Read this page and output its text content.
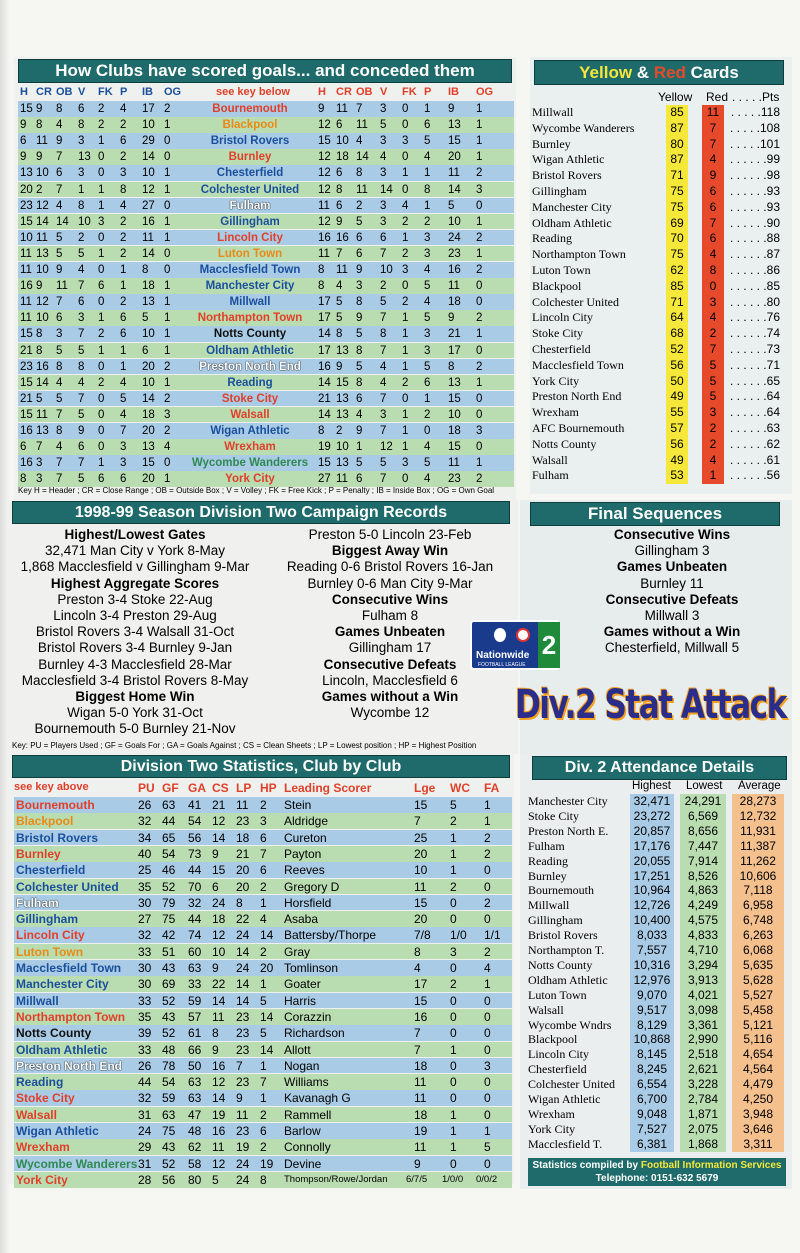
How Clubs have scored goals... and conceded them
H CR OB V FK P IB OG	see key below	H CR OB V FK P IB OG
15 9 8 6 2 4 17 2	Bournemouth	9 11 7 3 0 1 9 1
9 8 4 8 2 2 10 1	Blackpool	12 6 11 5 0 6 13 1
6 11 9 3 1 6 29 0	Bristol Rovers	15 10 4 3 3 5 15 1
9 9 7 13 0 2 14 0	Burnley	12 18 14 4 0 4 20 1
13 10 6 3 0 3 10 1	Chesterfield	12 6 8 3 1 1 11 2
20 2 7 1 1 8 12 1	Colchester United	12 8 11 14 0 8 14 3
23 12 4 8 1 4 27 0	Fulham	11 6 2 3 4 1 5 0
15 14 14 10 3 2 16 1	Gillingham	12 9 5 3 2 2 10 1
10 11 5 2 0 2 11 1	Lincoln City	16 16 6 6 1 3 24 2
11 13 5 5 1 2 14 0	Luton Town	11 7 6 7 2 3 23 1
11 10 9 4 0 1 8 0	Macclesfield Town	8 11 9 10 3 4 16 2
16 9 11 7 6 1 18 1	Manchester City	8 4 3 2 0 5 11 0
11 12 7 6 0 2 13 1	Millwall	17 5 8 5 2 4 18 0
11 10 6 3 1 6 5 1	Northampton Town	17 5 9 7 1 5 9 2
15 8 3 7 2 6 10 1	Notts County	14 8 5 8 1 3 21 1
21 8 5 5 1 1 6 1	Oldham Athletic	17 13 8 7 1 3 17 0
23 16 8 8 0 1 20 2	Preston North End	16 9 5 4 1 5 8 2
15 14 4 4 2 4 10 1	Reading	14 15 8 4 2 6 13 1
21 5 5 7 0 5 14 2	Stoke City	21 13 6 7 0 1 15 0
15 11 7 5 0 4 18 3	Walsall	14 13 4 3 1 2 10 0
16 13 8 9 0 7 20 2	Wigan Athletic	8 2 9 7 1 0 18 3
6 7 4 6 0 3 13 4	Wrexham	19 10 1 12 1 4 15 0
16 3 7 7 1 3 15 0	Wycombe Wanderers 15 13 5 5 3 5 11 1
8 3 7 5 6 6 20 1	York City	27 11 6 7 0 4 23 2
Key H = Header ; CR = Close Range ; OB = Outside Box ; V = Volley ; FK = Free Kick ; P = Penalty ; IB = Inside Box ; OG = Own Goal
Yellow & Red Cards
Yellow Red . . . . .Pts
Millwall	85	11 . . . . .118
Wycombe Wanderers	87	7	. . . . .108
Burnley	80	7	. . . . .101
Wigan Athletic	87	4	. . . . . .99
Bristol Rovers	71	9	. . . . . .98
Gillingham	75	6	. . . . . .93
Manchester City	75	6	. . . . . .93
Oldham Athletic	69	7	. . . . . .90
Reading	70	6	. . . . . .88
Northampton Town	75	4	. . . . . .87
Luton Town	62	8	. . . . . .86
Blackpool	85	0	. . . . . .85
Colchester United	71	3	. . . . . .80
Lincoln City	64	4	. . . . . .76
Stoke City	68	2	. . . . . .74
Chesterfield	52	7	. . . . . .73
Macclesfield Town	56	5	. . . . . .71
York City	50	5	. . . . . .65
Preston North End	49	5	. . . . . .64
Wrexham	55	3	. . . . . .64
AFC Bournemouth	57	2	. . . . . .63
Notts County	56	2	. . . . . .62
Walsall	49	4	. . . . . .61
Fulham	53	1	. . . . . .56
1998-99 Season Division Two Campaign Records
Highest/Lowest Gates
32,471 Man City v York 8-May
1,868 Macclesfield v Gillingham 9-Mar
Highest Aggregate Scores
Preston 3-4 Stoke 22-Aug
Lincoln 3-4 Preston 29-Aug
Bristol Rovers 3-4 Walsall 31-Oct
Bristol Rovers 3-4 Burnley 9-Jan
Burnley 4-3 Macclesfield 28-Mar
Macclesfield 3-4 Bristol Rovers 8-May
Biggest Home Win
Wigan 5-0 York 31-Oct
Bournemouth 5-0 Burnley 21-Nov
Preston 5-0 Lincoln 23-Feb
Biggest Away Win
Reading 0-6 Bristol Rovers 16-Jan
Burnley 0-6 Man City 9-Mar
Consecutive Wins
Fulham 8
Games Unbeaten
Gillingham 17
Consecutive Defeats
Lincoln, Macclesfield 6
Games without a Win
Wycombe 12
Key: PU = Players Used ; GF = Goals For ; GA = Goals Against ; CS = Clean Sheets ; LP = Lowest position ; HP = Highest Position
Final Sequences
Consecutive Wins
Gillingham 3
Games Unbeaten
Burnley 11
Consecutive Defeats
Millwall 3
Games without a Win
Chesterfield, Millwall 5
Nationwide
FOOTBALL LEAGUE
2
Div.2 Stat Attack
Division Two Statistics, Club by Club
see key above	PU GF GA CS LP HP Leading Scorer	Lge WC FA
Bournemouth	26 63 41 21 11 2 Stein	15 5 1
Blackpool	32 44 54 12 23 3 Aldridge	7 2 1
Bristol Rovers	34 65 56 14 18 6 Cureton	25 1 2
Burnley	40 54 73 9 21 7 Payton	20 1 2
Chesterfield	25 46 44 15 20 6 Reeves	10 1 0
Colchester United 35 52 70 6 20 2 Gregory D	11 2 0
Fulham	30 79 32 24 8 1 Horsfield	15 0 2
Gillingham	27 75 44 18 22 4 Asaba	20 0 0
Lincoln City	32 42 74 12 24 14 Battersby/Thorpe	7/8 1/0 1/1
Luton Town	33 51 60 10 14 2 Gray	8 3 2
Macclesfield Town 30 43 63 9 24 20 Tomlinson	4 0 4
Manchester City 30 69 33 22 14 1 Goater	17 2 1
Millwall	33 52 59 14 14 5 Harris	15 0 0
Northampton Town 35 43 57 11 23 14 Corazzin	16 0 0
Notts County	39 52 61 8 23 5 Richardson	7 0 0
Oldham Athletic	33 48 66 9 23 14 Allott	7 1 0
Preston North End 26 78 50 16 7 1 Nogan	18 0 3
Reading	44 54 63 12 23 7 Williams	11 0 0
Stoke City	32 59 63 14 9 1 Kavanagh G	11 0 0
Walsall	31 63 47 19 11 2 Rammell	18 1 0
Wigan Athletic	24 75 48 16 23 6 Barlow	19 1 1
Wrexham	29 43 62 11 19 2 Connolly	11 1 5
Wycombe Wanderers 31 52 58 12 24 19 Devine	9 0 0
York City	28 56 80 5 24 8 Thompson/Rowe/Jordan 6/7/5 1/0/0 0/0/2
Div. 2 Attendance Details
Highest Lowest Average
Manchester City	32,471	24,291	28,273
Stoke City	23,272	6,569	12,732
Preston North E.	20,857	8,656	11,931
Fulham	17,176	7,447	11,387
Reading	20,055	7,914	11,262
Burnley	17,251	8,526	10,606
Bournemouth	10,964	4,863	7,118
Millwall	12,726	4,249	6,958
Gillingham	10,400	4,575	6,748
Bristol Rovers	8,033	4,833	6,263
Northampton T.	7,557	4,710	6,068
Notts County	10,316	3,294	5,635
Oldham Athletic	12,976	3,913	5,628
Luton Town	9,070	4,021	5,527
Walsall	9,517	3,098	5,458
Wycombe Wndrs	8,129	3,361	5,121
Blackpool	10,868	2,990	5,116
Lincoln City	8,145	2,518	4,654
Chesterfield	8,245	2,621	4,564
Colchester United	6,554	3,228	4,479
Wigan Athletic	6,700	2,784	4,250
Wrexham	9,048	1,871	3,948
York City	7,527	2,075	3,646
Macclesfield T.	6,381	1,868	3,311
Statistics compiled by Football Information Services Telephone: 0151-632 5679
